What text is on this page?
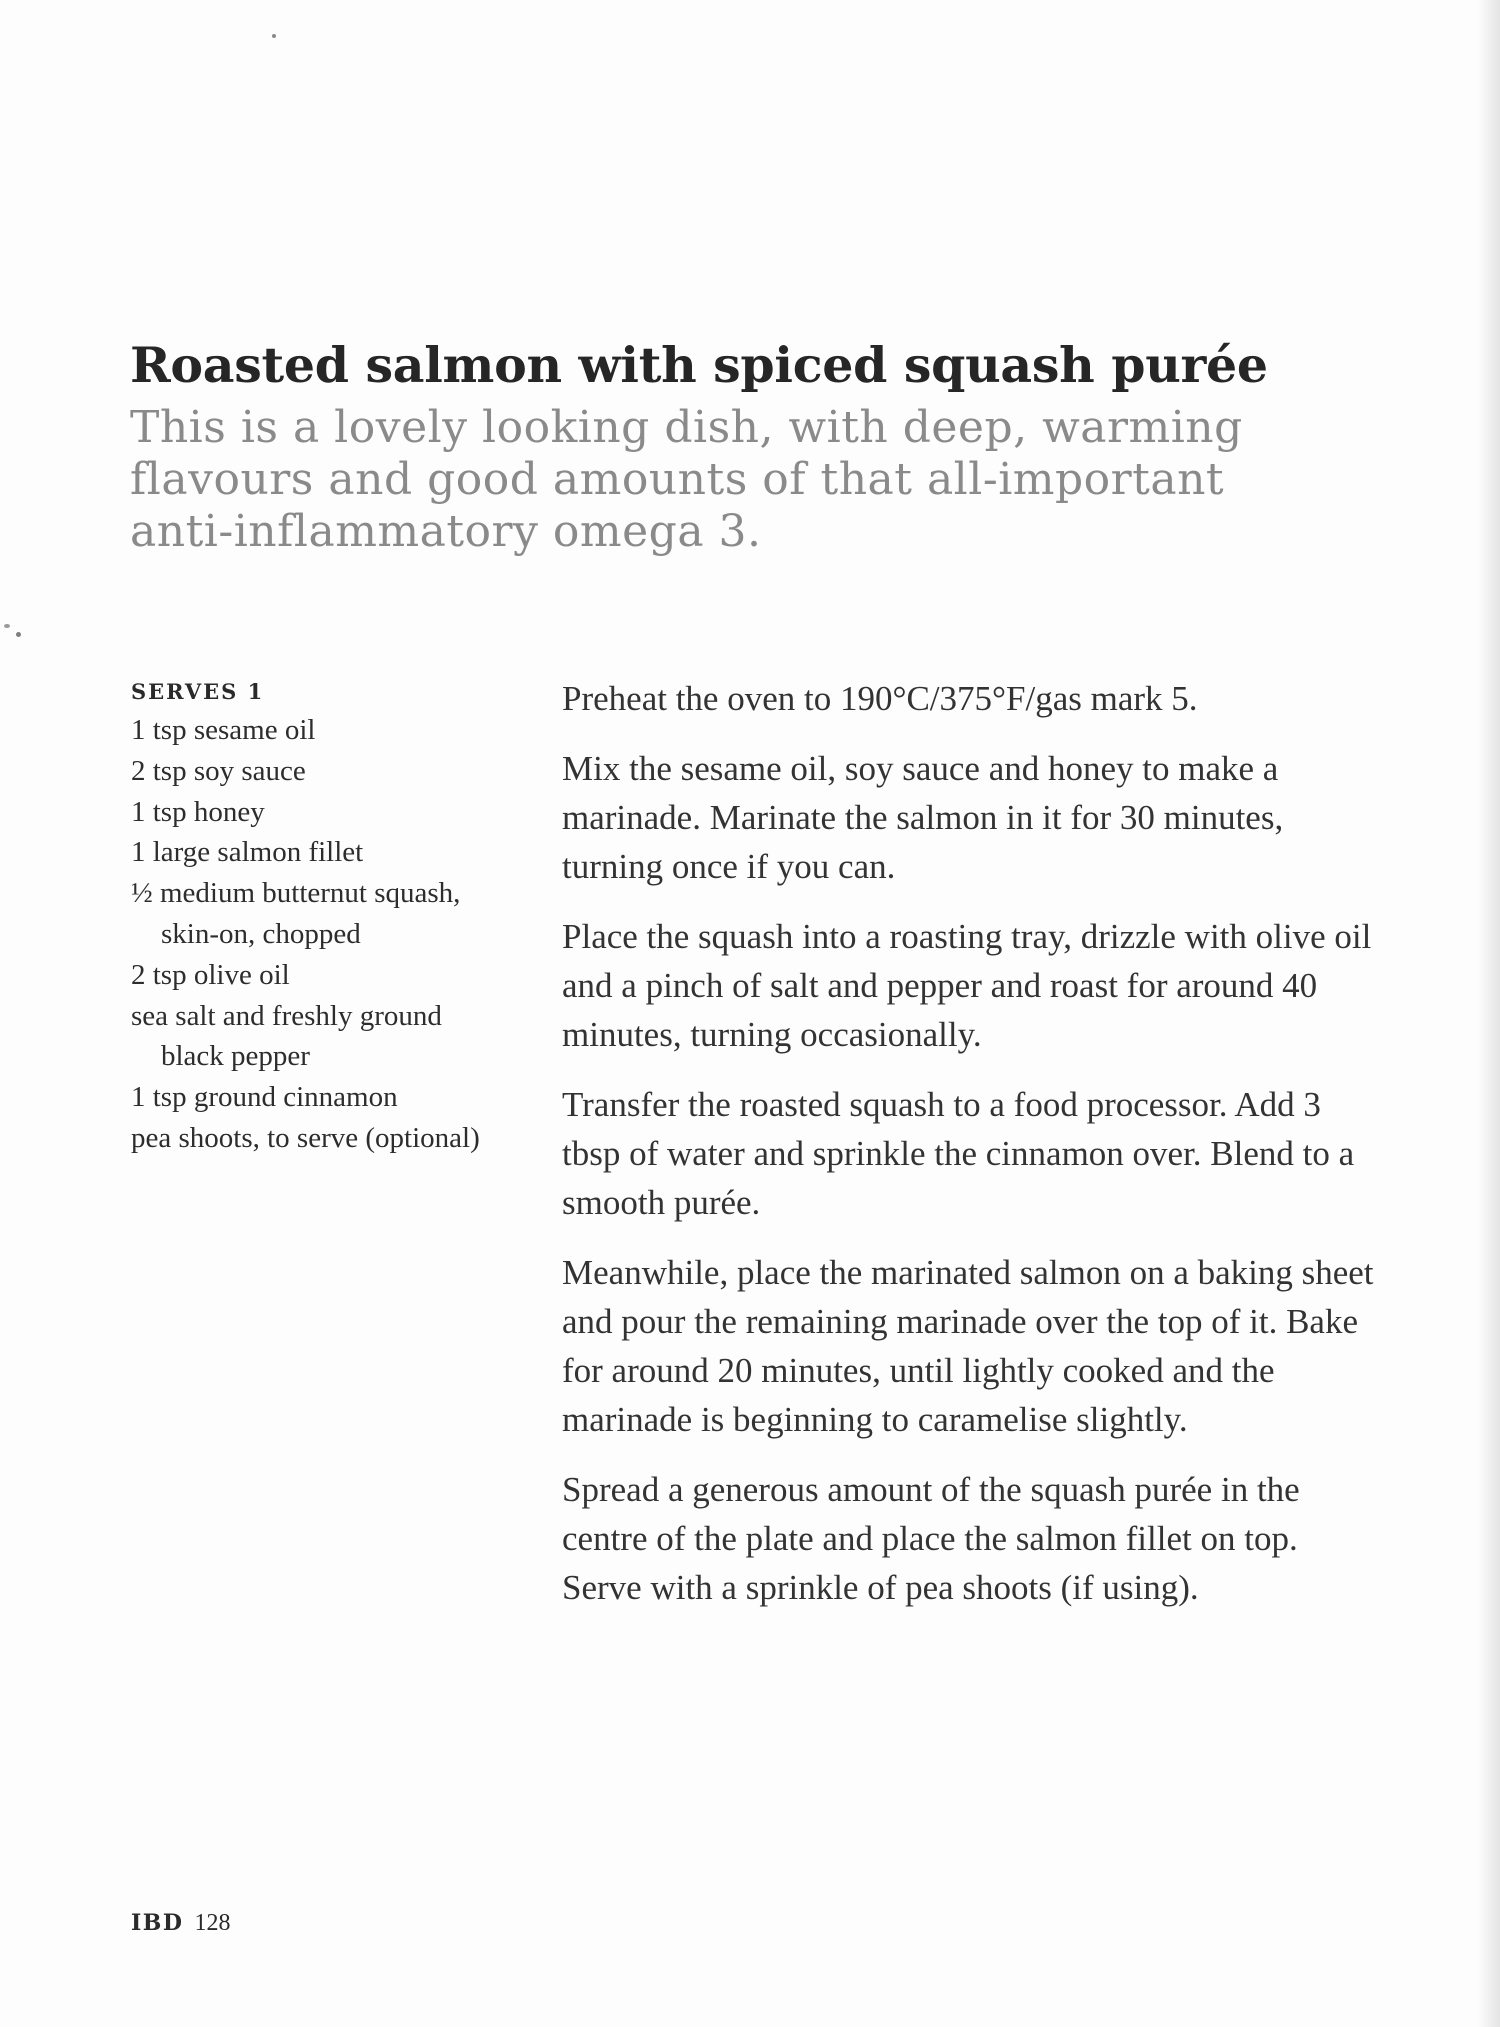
Roasted salmon with spiced squash purée

This is a lovely looking dish, with deep, warming flavours and good amounts of that all-important anti-inflammatory omega 3.

SERVES 1
1 tsp sesame oil
2 tsp soy sauce
1 tsp honey
1 large salmon fillet
½ medium butternut squash, skin-on, chopped
2 tsp olive oil
sea salt and freshly ground black pepper
1 tsp ground cinnamon
pea shoots, to serve (optional)

Preheat the oven to 190°C/375°F/gas mark 5.

Mix the sesame oil, soy sauce and honey to make a marinade. Marinate the salmon in it for 30 minutes, turning once if you can.

Place the squash into a roasting tray, drizzle with olive oil and a pinch of salt and pepper and roast for around 40 minutes, turning occasionally.

Transfer the roasted squash to a food processor. Add 3 tbsp of water and sprinkle the cinnamon over. Blend to a smooth purée.

Meanwhile, place the marinated salmon on a baking sheet and pour the remaining marinade over the top of it. Bake for around 20 minutes, until lightly cooked and the marinade is beginning to caramelise slightly.

Spread a generous amount of the squash purée in the centre of the plate and place the salmon fillet on top. Serve with a sprinkle of pea shoots (if using).

IBD 128
